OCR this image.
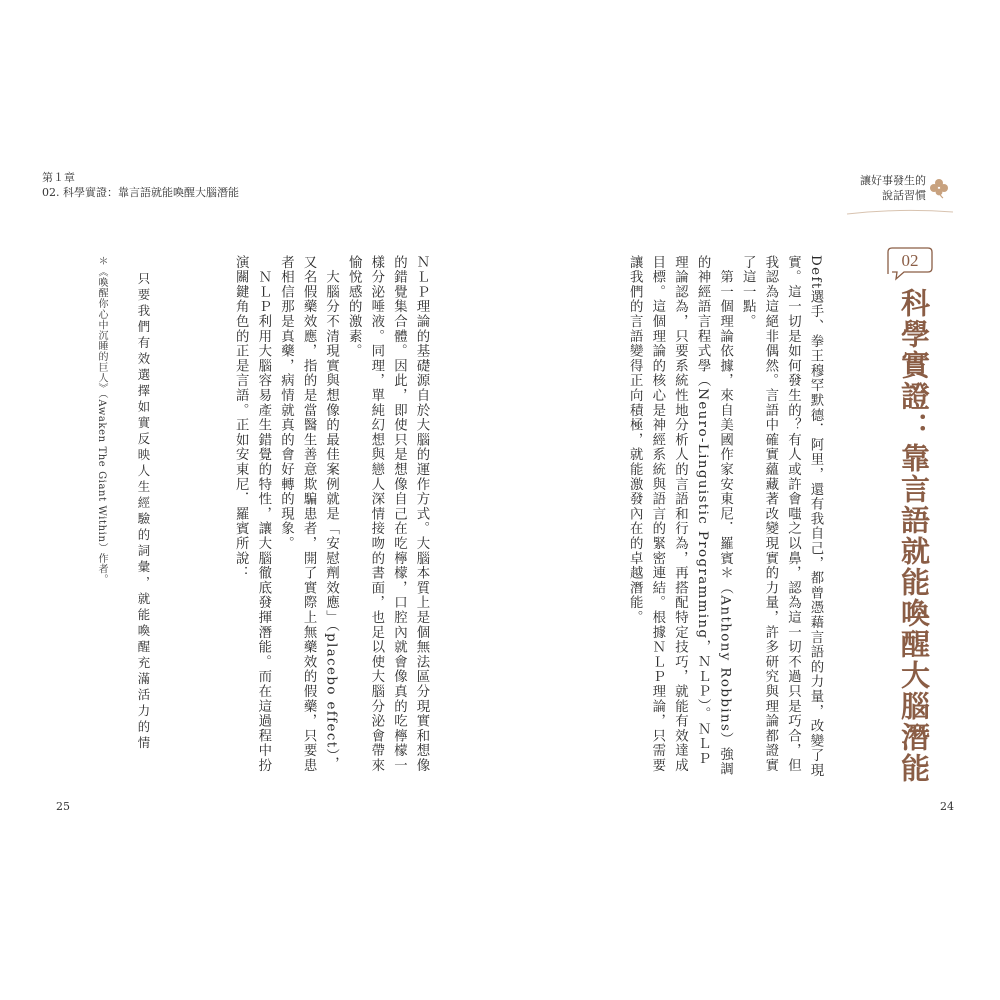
第１章
02. 科學實證：靠言語就能喚醒大腦潛能
ＮＬＰ理論的基礎源自於大腦的運作方式。大腦本質上是個無法區分現實和想像的錯覺集合體。因此，即使只是想像自己在吃檸檬，口腔內就會像真的吃檸檬一樣分泌唾液。同理，單純幻想與戀人深情接吻的書面，也足以使大腦分泌會帶來愉悅感的激素。
　大腦分不清現實與想像的最佳案例就是「安慰劑效應」（placebo effect），又名假藥效應，指的是當醫生善意欺騙患者，開了實際上無藥效的假藥，只要患者相信那是真藥，病情就真的會好轉的現象。
　ＮＬＰ利用大腦容易產生錯覺的特性，讓大腦徹底發揮潛能。而在這過程中扮演關鍵角色的正是言語。正如安東尼．羅賓所說：
只要我們有效選擇如實反映人生經驗的詞彙，就能喚醒充滿活力的情
＊《喚醒你心中沉睡的巨人》（Awaken The Giant Within）作者。
25
讓好事發生的
說話習慣
Deft選手、拳王穆罕默德．阿里，還有我自己，都曾憑藉言語的力量，改變了現實。這一切是如何發生的？有人或許會嗤之以鼻，認為這一切不過只是巧合，但我認為這絕非偶然。言語中確實蘊藏著改變現實的力量，許多研究與理論都證實了這一點。
　第一個理論依據，來自美國作家安東尼．羅賓＊（Anthony Robbins）強調的神經語言程式學（Neuro-Linguistic Programming，ＮＬＰ）。ＮＬＰ理論認為，只要系統性地分析人的言語和行為，再搭配特定技巧，就能有效達成目標。這個理論的核心是神經系統與語言的緊密連結。根據ＮＬＰ理論，只需要讓我們的言語變得正向積極，就能激發內在的卓越潛能。
24
02
科學實證：靠言語就能喚醒大腦潛能
